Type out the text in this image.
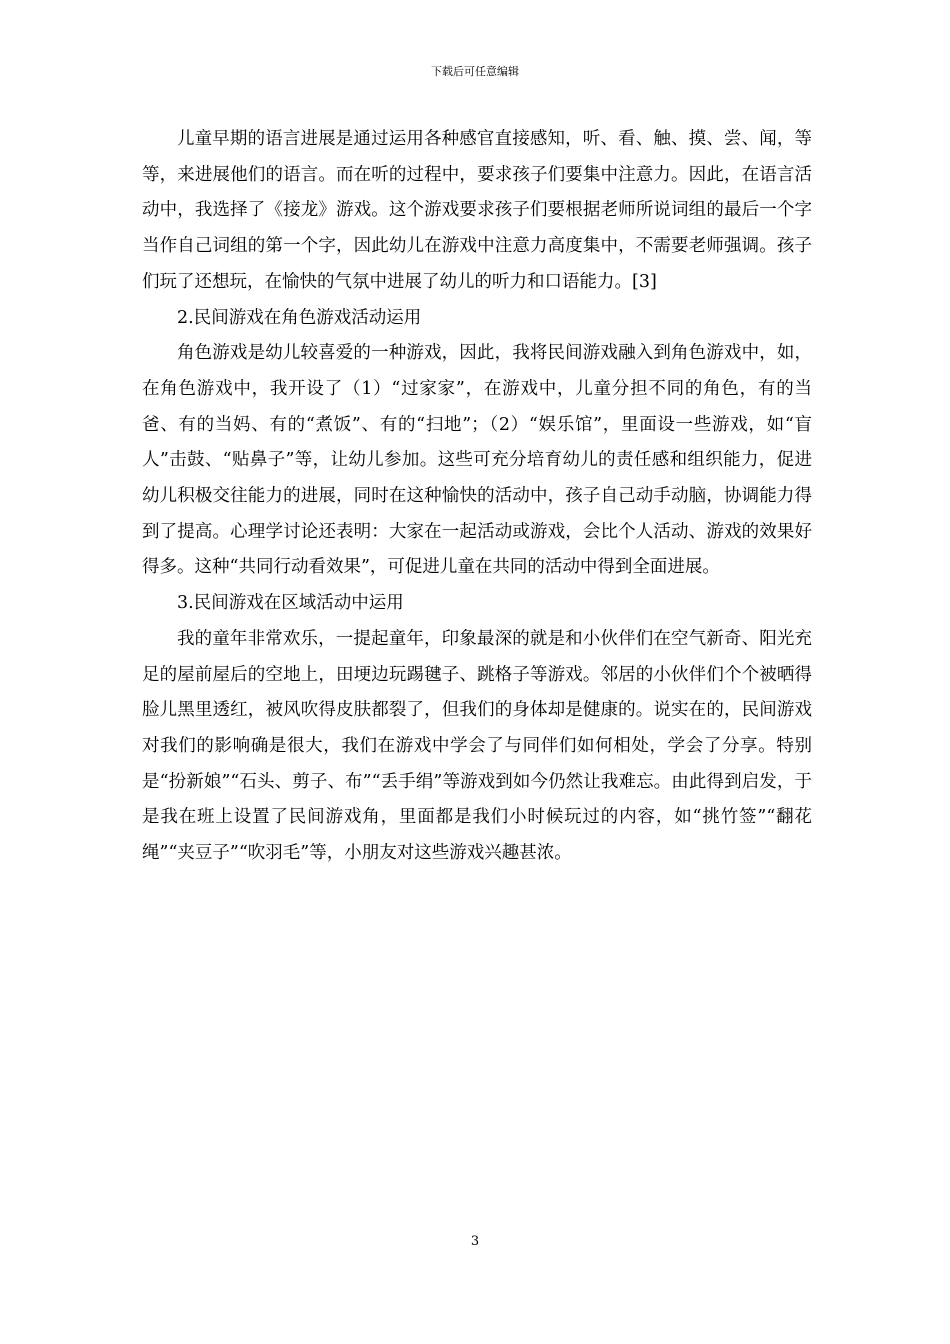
下载后可任意编辑

儿童早期的语言进展是通过运用各种感官直接感知，听、看、触、摸、尝、闻，等等，来进展他们的语言。而在听的过程中，要求孩子们要集中注意力。因此，在语言活动中，我选择了《接龙》游戏。这个游戏要求孩子们要根据老师所说词组的最后一个字当作自己词组的第一个字，因此幼儿在游戏中注意力高度集中，不需要老师强调。孩子们玩了还想玩，在愉快的气氛中进展了幼儿的听力和口语能力。[3]

2.民间游戏在角色游戏活动运用

角色游戏是幼儿较喜爱的一种游戏，因此，我将民间游戏融入到角色游戏中，如，在角色游戏中，我开设了（1）“过家家”，在游戏中，儿童分担不同的角色，有的当爸、有的当妈、有的“煮饭”、有的“扫地”；（2）“娱乐馆”，里面设一些游戏，如“盲人”击鼓、“贴鼻子”等，让幼儿参加。这些可充分培育幼儿的责任感和组织能力，促进幼儿积极交往能力的进展，同时在这种愉快的活动中，孩子自己动手动脑，协调能力得到了提高。心理学讨论还表明：大家在一起活动或游戏，会比个人活动、游戏的效果好得多。这种“共同行动看效果”，可促进儿童在共同的活动中得到全面进展。

3.民间游戏在区域活动中运用

我的童年非常欢乐，一提起童年，印象最深的就是和小伙伴们在空气新奇、阳光充足的屋前屋后的空地上，田埂边玩踢毽子、跳格子等游戏。邻居的小伙伴们个个被晒得脸儿黑里透红，被风吹得皮肤都裂了，但我们的身体却是健康的。说实在的，民间游戏对我们的影响确是很大，我们在游戏中学会了与同伴们如何相处，学会了分享。特别是“扮新娘”“石头、剪子、布”“丢手绢”等游戏到如今仍然让我难忘。由此得到启发，于是我在班上设置了民间游戏角，里面都是我们小时候玩过的内容，如“挑竹签”“翻花绳”“夹豆子”“吹羽毛”等，小朋友对这些游戏兴趣甚浓。

3
